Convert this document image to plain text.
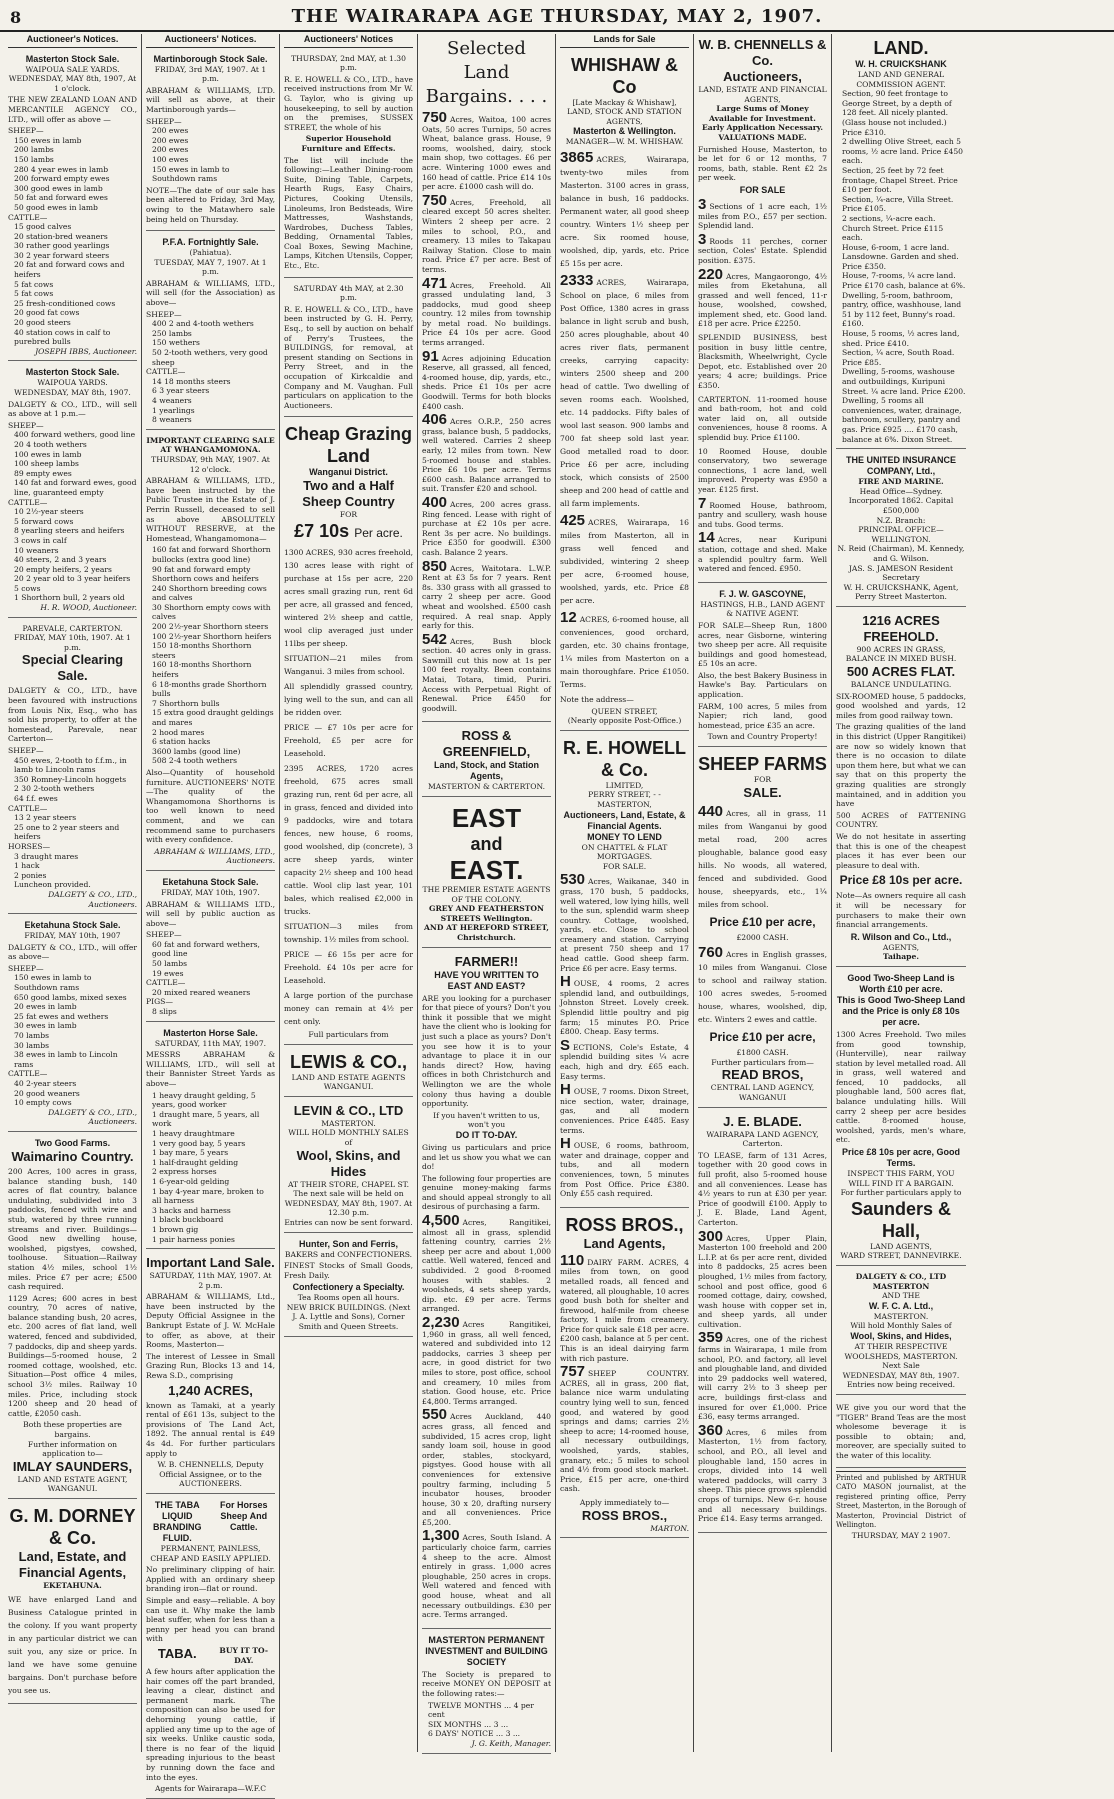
8	THE WAIRARAPA AGE THURSDAY, MAY 2, 1907.
Auctioneer's Notices.
Masterton Stock Sale.
WAIPOUA SALE YARDS.
WEDNESDAY, MAY 8th, 1907, At 1 o'clock.
THE NEW ZEALAND LOAN AND MERCANTILE AGENCY CO., LTD., will offer as above —
SHEEP—
150 ewes in lamb
200 lambs
150 lambs
280 4 year ewes in lamb
200 forward empty ewes
300 good ewes in lamb
50 fat and forward ewes
50 good ewes in lamb
CATTLE—
15 good calves
20 station-bred weaners
30 rather good yearlings
30 2 year forward steers
20 fat and forward cows and heifers
5 fat cows
5 fat cows
25 fresh-conditioned cows
20 good fat cows
20 good steers
40 station cows in calf to purebred bulls
JOSEPH IBBS, Auctioneer.
Masterton Stock Sale.
WAIPOUA YARDS.
WEDNESDAY, MAY 8th, 1907.
DALGETY & CO., LTD., will sell as above at 1 p.m.—
SHEEP—
400 forward wethers, good line
20 4 tooth wethers
100 ewes in lamb
100 sheep lambs
89 empty ewes
140 fat and forward ewes, good line, guaranteed empty
CATTLE—
10 2½-year steers
5 forward cows
8 yearling steers and heifers
3 cows in calf
10 weaners
40 steers, 2 and 3 years
20 empty heifers, 2 years
20 2 year old to 3 year heifers
5 cows
1 Shorthorn bull, 2 years old
H. R. WOOD, Auctioneer.
PAREVALE, CARTERTON.
FRIDAY, MAY 10th, 1907. At 1 p.m.
Special Clearing Sale.
DALGETY & CO., LTD., have been favoured with instructions from Louis Nix, Esq., who has sold his property, to offer at the homestead, Parevale, near Carterton—
SHEEP—
450 ewes, 2-tooth to f.f.m., in lamb to Lincoln rams
350 Romney-Lincoln hoggets
2 30 2-tooth wethers
64 f.f. ewes
CATTLE—
13 2 year steers
25 one to 2 year steers and heifers
HORSES—
3 draught mares
1 hack
2 ponies
Luncheon provided.
DALGETY & CO., LTD., Auctioneers.
Eketahuna Stock Sale.
FRIDAY, MAY 10th, 1907
DALGETY & CO., LTD., will offer as above—
SHEEP—
150 ewes in lamb to Southdown rams
650 good lambs, mixed sexes
20 ewes in lamb
25 fat ewes and wethers
30 ewes in lamb
70 lambs
30 lambs
38 ewes in lamb to Lincoln rams
CATTLE—
40 2-year steers
20 good weaners
10 empty cows
DALGETY & CO., LTD., Auctioneers.
Two Good Farms.
Waimarino Country.
200 Acres, 100 acres in grass, balance standing bush, 140 acres of flat country, balance undulating, subdivided into 3 paddocks, fenced with wire and stub, watered by three running streams and river. Buildings—Good new dwelling house, woolshed, pigstyes, cowshed, toolhouse. Situation—Railway station 4½ miles, school 1½ miles. Price £7 per acre; £500 cash required.
1129 Acres; 600 acres in best country, 70 acres of native, balance standing bush, 20 acres, etc. 200 acres of flat land, well watered, fenced and subdivided, 7 paddocks, dip and sheep yards. Buildings—5-roomed house, 2 roomed cottage, woolshed, etc. Situation—Post office 4 miles, school 3½ miles. Railway 10 miles. Price, including stock 1200 sheep and 20 head of cattle, £2050 cash.
Both these properties are bargains.
Further information on application to—
IMLAY SAUNDERS,
LAND AND ESTATE AGENT,
WANGANUI.
G. M. DORNEY & Co.
Land, Estate, and Financial Agents,
EKETAHUNA.
WE have enlarged Land and Business Catalogue printed in the colony. If you want property in any particular district we can suit you, any size or price. In land we have some genuine bargains. Don't purchase before you see us.
Auctioneers' Notices.
Martinborough Stock Sale.
FRIDAY, 3rd MAY, 1907. At 1 p.m.
ABRAHAM & WILLIAMS, LTD. will sell as above, at their Martinborough yards—
SHEEP—
200 ewes
200 ewes
200 ewes
100 ewes
150 ewes in lamb to Southdown rams
NOTE—The date of our sale has been altered to Friday, 3rd May, owing to the Matawhero sale being held on Thursday.
P.F.A. Fortnightly Sale.
(Pahiatua).
TUESDAY, MAY 7, 1907. At 1 p.m.
ABRAHAM & WILLIAMS, LTD., will sell (for the Association) as above—
SHEEP—
400 2 and 4-tooth wethers
250 lambs
150 wethers
50 2-tooth wethers, very good sheep
CATTLE—
14 18 months steers
6 3 year steers
4 weaners
1 yearlings
8 weaners
IMPORTANT CLEARING SALE AT WHANGAMOMONA.
THURSDAY, 9th MAY, 1907. At 12 o'clock.
ABRAHAM & WILLIAMS, LTD., have been instructed by the Public Trustee in the Estate of J. Perrin Russell, deceased to sell as above ABSOLUTELY WITHOUT RESERVE, at the Homestead, Whangamomona—
160 fat and forward Shorthorn bullocks (extra good line)
90 fat and forward empty Shorthorn cows and heifers
240 Shorthorn breeding cows and calves
30 Shorthorn empty cows with calves
200 2½-year Shorthorn steers
100 2½-year Shorthorn heifers
150 18-months Shorthorn steers
160 18-months Shorthorn heifers
6 18-months grade Shorthorn bulls
7 Shorthorn bulls
15 extra good draught geldings and mares
2 hood mares
6 station hacks
3600 lambs (good line)
508 2-4 tooth wethers
Also—Quantity of household furniture. AUCTIONEERS' NOTE—The quality of the Whangamomona Shorthorns is too well known to need comment, and we can recommend same to purchasers with every confidence.
ABRAHAM & WILLIAMS, LTD., Auctioneers.
Eketahuna Stock Sale.
FRIDAY, MAY 10th, 1907.
ABRAHAM & WILLIAMS LTD., will sell by public auction as above—
SHEEP—
60 fat and forward wethers, good line
50 lambs
19 ewes
CATTLE—
20 mixed reared weaners
PIGS—
8 slips
Masterton Horse Sale.
SATURDAY, 11th MAY, 1907.
MESSRS ABRAHAM & WILLIAMS, LTD., will sell at their Bannister Street Yards as above—
1 heavy draught gelding, 5 years, good worker
1 draught mare, 5 years, all work
1 heavy draughtmare
1 very good bay, 5 years
1 bay mare, 5 years
1 half-draught gelding
2 express horses
1 6-year-old gelding
1 bay 4-year mare, broken to all harness
3 hacks and harness
1 black buckboard
1 brown gig
1 pair harness ponies
Important Land Sale.
SATURDAY, 11th MAY, 1907. At 2 p.m.
ABRAHAM & WILLIAMS, Ltd., have been instructed by the Deputy Official Assignee in the Bankrupt Estate of J. W. McHale to offer, as above, at their Rooms, Masterton—
The interest of Lessee in Small Grazing Run, Blocks 13 and 14, Rewa S.D., comprising
1,240 ACRES,
known as Tamaki, at a yearly rental of £61 13s, subject to the provisions of The Land Act, 1892. The annual rental is £49 4s 4d. For further particulars apply to
W. B. CHENNELLS, Deputy Official Assignee, or to the AUCTIONEERS.
THE TABA LIQUID BRANDING FLUID.
For Horses Sheep And Cattle.
PERMANENT, PAINLESS, CHEAP AND EASILY APPLIED.
No preliminary clipping of hair. Applied with an ordinary sheep branding iron—flat or round.
Simple and easy—reliable. A boy can use it. Why make the lamb bleat suffer, when for less than a penny per head you can brand with
TABA.	BUY IT TO-DAY.
A few hours after application the hair comes off the part branded, leaving a clear, distinct and permanent mark. The composition can also be used for dehorning young cattle, if applied any time up to the age of six weeks. Unlike caustic soda, there is no fear of the liquid spreading injurious to the beast by running down the face and into the eyes.
Agents for Wairarapa—W.F.C
Auctioneers' Notices
THURSDAY, 2nd MAY, at 1.30 p.m.
R. E. HOWELL & CO., LTD., have received instructions from Mr W. G. Taylor, who is giving up housekeeping, to sell by auction on the premises, SUSSEX STREET, the whole of his
Superior Household Furniture and Effects.
The list will include the following:—Leather Dining-room Suite, Dining Table, Carpets, Hearth Rugs, Easy Chairs, Pictures, Cooking Utensils, Linoleums, Iron Bedsteads, Wire Mattresses, Washstands, Wardrobes, Duchess Tables, Bedding, Ornamental Tables, Coal Boxes, Sewing Machine, Lamps, Kitchen Utensils, Copper, Etc., Etc.
SATURDAY 4th MAY, at 2.30 p.m.
R. E. HOWELL & CO., LTD., have been instructed by G. H. Perry, Esq., to sell by auction on behalf of Perry's Trustees, the BUILDINGS, for removal, at present standing on Sections in Perry Street, and in the occupation of Kirkcaldie and Company and M. Vaughan. Full particulars on application to the Auctioneers.
Cheap Grazing Land
Wanganui District.
Two and a Half Sheep Country
FOR
£7 10s Per acre.
1300 ACRES, 930 acres freehold, 130 acres lease with right of purchase at 15s per acre, 220 acres small grazing run, rent 6d per acre, all grassed and fenced, wintered 2½ sheep and cattle, wool clip averaged just under 11lbs per sheep.
SITUATION—21 miles from Wanganui. 3 miles from school.
All splendidly grassed country, lying well to the sun, and can all be ridden over.
PRICE — £7 10s per acre for Freehold, £5 per acre for Leasehold.
2395 ACRES, 1720 acres freehold, 675 acres small grazing run, rent 6d per acre, all in grass, fenced and divided into 9 paddocks, wire and totara fences, new house, 6 rooms, good woolshed, dip (concrete), 3 acre sheep yards, winter capacity 2½ sheep and 100 head cattle. Wool clip last year, 101 bales, which realised £2,000 in trucks.
SITUATION—3 miles from township. 1½ miles from school.
PRICE — £6 15s per acre for Freehold. £4 10s per acre for Leasehold.
A large portion of the purchase money can remain at 4½ per cent only.
Full particulars from
LEWIS & CO.,
LAND AND ESTATE AGENTS
WANGANUI.
LEVIN & CO., LTD
MASTERTON.
WILL HOLD MONTHLY SALES of
Wool, Skins, and Hides
AT THEIR STORE, CHAPEL ST.
The next sale will be held on WEDNESDAY, MAY 8th, 1907. At 12.30 p.m.
Entries can now be sent forward.
Hunter, Son and Ferris,
BAKERS and CONFECTIONERS.
FINEST Stocks of Small Goods, Fresh Daily.
Confectionery a Specialty.
Tea Rooms open all hours.
NEW BRICK BUILDINGS. (Next J. A. Lyttle and Sons), Corner Smith and Queen Streets.
Selected Land
Bargains. . . .
750 Acres, Waitoa, 100 acres Oats, 50 acres Turnips, 50 acres Wheat, balance grass. House, 9 rooms, woolshed, dairy, stock main shop, two cottages. £6 per acre. Wintering 1000 ewes and 160 head of cattle. Price £14 10s per acre. £1000 cash will do.
750 Acres, Freehold, all cleared except 50 acres shelter. Winters 2 sheep per acre. 2 miles to school, P.O., and creamery. 13 miles to Takapau Railway Station. Close to main road. Price £7 per acre. Best of terms.
471 Acres, Freehold. All grassed undulating land, 3 paddocks, mud good sheep country. 12 miles from township by metal road. No buildings. Price £4 10s per acre. Good terms arranged.
91 Acres adjoining Education Reserve, all grassed, all fenced, 4-roomed house, dip, yards, etc., sheds. Price £1 10s per acre Goodwill. Terms for both blocks £400 cash.
406 Acres O.R.P., 250 acres grass, balance bush, 5 paddocks, well watered. Carries 2 sheep early, 12 miles from town. New 5-roomed house and stables. Price £6 10s per acre. Terms £600 cash. Balance arranged to suit. Transfer £20 and school.
400 Acres, 200 acres grass. Ring fenced. Lease with right of purchase at £2 10s per acre. Rent 3s per acre. No buildings. Price £350 for goodwill. £300 cash. Balance 2 years.
850 Acres, Waitotara. L.W.P. Rent at £3 5s for 7 years. Rent 8s. 330 grass with all grassed to carry 2 sheep per acre. Good wheat and woolshed. £500 cash required. A real snap. Apply early for this.
542 Acres, Bush block section. 40 acres only in grass. Sawmill cut this now at 1s per 100 feet royalty. Been contains Matai, Totara, timid, Puriri. Access with Perpetual Right of Renewal. Price £450 for goodwill.
ROSS & GREENFIELD,
Land, Stock, and Station Agents,
MASTERTON & CARTERTON.
EAST
and
EAST.
THE PREMIER ESTATE AGENTS OF THE COLONY.
GREY AND FEATHERSTON STREETS Wellington.
AND AT HEREFORD STREET, Christchurch.
FARMER!!
HAVE YOU WRITTEN TO EAST AND EAST?
ARE you looking for a purchaser for that piece of yours? Don't you think it possible that we might have the client who is looking for just such a place as yours? Don't you see how it is to your advantage to place it in our hands direct? How, having offices in both Christchurch and Wellington we are the whole colony thus having a double opportunity.
If you haven't written to us, won't you
DO IT TO-DAY.
Giving us particulars and price and let us show you what we can do!
The following four properties are genuine money-making farms and should appeal strongly to all desirous of purchasing a farm.
4,500 Acres, Rangitikei, almost all in grass, splendid fattening country, carries 2½ sheep per acre and about 1,000 cattle. Well watered, fenced and subdivided. 2 good 8-roomed houses with stables. 2 woolsheds, 4 sets sheep yards, dip. etc. £9 per acre. Terms arranged.
2,230 Acres Rangitikei, 1,960 in grass, all well fenced, watered and subdivided into 12 paddocks, carries 3 sheep per acre, in good district for two miles to store, post office, school and creamery, 10 miles from station. Good house, etc. Price £4,800. Terms arranged.
550 Acres Auckland, 440 acres grass, all fenced and subdivided, 15 acres crop, light sandy loam soil, house in good order, stables, stockyard, pigstyes. Good house with all conveniences for extensive poultry farming, including 5 incubator houses, brooder house, 30 x 20, drafting nursery and all conveniences. Price £5,200.
1,300 Acres, South Island. A particularly choice farm, carries 4 sheep to the acre. Almost entirely in grass. 1,000 acres ploughable, 250 acres in crops. Well watered and fenced with good house, wheat and all necessary outbuildings. £30 per acre. Terms arranged.
MASTERTON PERMANENT INVESTMENT and BUILDING SOCIETY
The Society is prepared to receive MONEY ON DEPOSIT at the following rates:—
TWELVE MONTHS ... 4 per cent
SIX MONTHS ... 3 ...
6 DAYS' NOTICE ... 3 ...
J. G. Keith, Manager.
Lands for Sale
WHISHAW & Co
[Late Mackay & Whishaw],
LAND, STOCK AND STATION AGENTS,
Masterton & Wellington.
MANAGER—W. M. WHISHAW.
3865 ACRES, Wairarapa, twenty-two miles from Masterton. 3100 acres in grass, balance in bush, 16 paddocks. Permanent water, all good sheep country. Winters 1½ sheep per acre. Six roomed house, woolshed, dip, yards, etc. Price £5 15s per acre.
2333 ACRES, Wairarapa, School on place, 6 miles from Post Office, 1380 acres in grass balance in light scrub and bush, 250 acres ploughable, about 40 acres river flats, permanent creeks, carrying capacity: winters 2500 sheep and 200 head of cattle. Two dwelling of seven rooms each. Woolshed, etc. 14 paddocks. Fifty bales of wool last season. 900 lambs and 700 fat sheep sold last year. Good metalled road to door. Price £6 per acre, including stock, which consists of 2500 sheep and 200 head of cattle and all farm implements.
425 ACRES, Wairarapa, 16 miles from Masterton, all in grass well fenced and subdivided, wintering 2 sheep per acre, 6-roomed house, woolshed, yards, etc. Price £8 per acre.
12 ACRES, 6-roomed house, all conveniences, good orchard, garden, etc. 30 chains frontage, 1¼ miles from Masterton on a main thoroughfare. Price £1050. Terms.
Note the address—
QUEEN STREET,
(Nearly opposite Post-Office.)
R. E. HOWELL & Co.
LIMITED,
PERRY STREET, - - MASTERTON,
Auctioneers, Land, Estate, & Financial Agents.
MONEY TO LEND
ON CHATTEL & FLAT MORTGAGES.
FOR SALE.
530 Acres, Waikanae, 340 in grass, 170 bush, 5 paddocks, well watered, low lying hills, well to the sun, splendid warm sheep country. Cottage, woolshed, yards, etc. Close to school creamery and station. Carrying at present 750 sheep and 17 head cattle. Good sheep farm. Price £6 per acre. Easy terms.
HOUSE, 4 rooms, 2 acres splendid land, and outbuildings, Johnston Street. Lovely creek. Splendid little poultry and pig farm; 15 minutes P.O. Price £800. Cheap. Easy terms.
SECTIONS, Cole's Estate, 4 splendid building sites ¼ acre each, high and dry. £65 each. Easy terms.
HOUSE, 7 rooms. Dixon Street, nice section, water, drainage, gas, and all modern conveniences. Price £485. Easy terms.
HOUSE, 6 rooms, bathroom, water and drainage, copper and tubs, and all modern conveniences, town, 5 minutes from Post Office. Price £380. Only £55 cash required.
ROSS BROS.,
Land Agents,
110 DAIRY FARM. ACRES, 4 miles from town, on good metalled roads, all fenced and watered, all ploughable, 10 acres good bush both for shelter and firewood, half-mile from cheese factory, 1 mile from creamery. Price for quick sale £18 per acre. £200 cash, balance at 5 per cent. This is an ideal dairying farm with rich pasture.
757 SHEEP COUNTRY. ACRES, all in grass, 200 flat, balance nice warm undulating country lying well to sun, fenced good, and watered by good springs and dams; carries 2½ sheep to acre; 14-roomed house, all necessary outbuildings, woolshed, yards, stables, granary, etc.; 5 miles to school and 4½ from good stock market. Price, £15 per acre, one-third cash.
Apply immediately to—
ROSS BROS.,
MARTON.
W. B. CHENNELLS & Co.
Auctioneers,
LAND, ESTATE AND FINANCIAL AGENTS,
Large Sums of Money Available for Investment. Early Application Necessary. VALUATIONS MADE.
Furnished House, Masterton, to be let for 6 or 12 months, 7 rooms, bath, stable. Rent £2 2s per week.
FOR SALE
3 Sections of 1 acre each, 1½ miles from P.O., £57 per section. Splendid land.
3 Roods 11 perches, corner section, Coles' Estate. Splendid position. £375.
220 Acres, Mangaorongo, 4½ miles from Eketahuna, all grassed and well fenced, 11-r house, woolshed, cowshed, implement shed, etc. Good land. £18 per acre. Price £2250.
SPLENDID BUSINESS, best position in busy little centre, Blacksmith, Wheelwright, Cycle Depot, etc. Established over 20 years; 4 acre; buildings. Price £350.
CARTERTON. 11-roomed house and bath-room, hot and cold water laid on, all outside conveniences, house 8 rooms. A splendid buy. Price £1100.
10 Roomed House, double conservatory, two sewerage connections, 1 acre land, well improved. Property was £950 a year. £125 first.
7 Roomed House, bathroom, pantry and scullery, wash house and tubs. Good terms.
14 Acres, near Kuripuni station, cottage and shed. Make a splendid poultry farm. Well watered and fenced. £950.
F. J. W. GASCOYNE,
HASTINGS, H.B., LAND AGENT & NATIVE AGENT.
FOR SALE—Sheep Run, 1800 acres, near Gisborne, wintering two sheep per acre. All requisite buildings and good homestead, £5 10s an acre.
Also, the best Bakery Business in Hawke's Bay. Particulars on application.
FARM, 100 acres, 5 miles from Napier; rich land, good homestead, price £35 an acre.
Town and Country Property!
SHEEP FARMS
FOR
SALE.
440 Acres, all in grass, 11 miles from Wanganui by good metal road, 200 acres ploughable, balance good easy hills. No woods, all watered, fenced and subdivided. Good house, sheepyards, etc., 1¼ miles from school.
Price £10 per acre,
£2000 CASH.
760 Acres in English grasses, 10 miles from Wanganui. Close to school and railway station. 100 acres swedes, 5-roomed house, whares, woolshed, dip, etc. Winters 2 ewes and cattle.
Price £10 per acre,
£1800 CASH.
Further particulars from—
READ BROS,
CENTRAL LAND AGENCY,
WANGANUI
J. E. BLADE.
WAIRARAPA LAND AGENCY, Carterton.
TO LEASE, farm of 131 Acres, together with 20 good cows in full profit, also 5-roomed house and all conveniences. Lease has 4½ years to run at £30 per year. Price of goodwill £100. Apply to J. E. Blade, Land Agent, Carterton.
300 Acres, Upper Plain, Masterton 100 freehold and 200 L.I.P. at 6s per acre rent, divided into 8 paddocks, 25 acres been ploughed, 1½ miles from factory, school and post office, good 6 roomed cottage, dairy, cowshed, wash house with copper set in, and sheep yards, all under cultivation.
359 Acres, one of the richest farms in Wairarapa, 1 mile from school, P.O. and factory, all level and ploughable land, and divided into 29 paddocks well watered, will carry 2½ to 3 sheep per acre, buildings first-class and insured for over £1,000. Price £36, easy terms arranged.
360 Acres, 6 miles from Masterton, 1½ from factory, school, and P.O., all level and ploughable land, 150 acres in crops, divided into 14 well watered paddocks, will carry 3 sheep. This piece grows splendid crops of turnips. New 6-r. house and all necessary buildings. Price £14. Easy terms arranged.
LAND.
W. H. CRUICKSHANK
LAND AND GENERAL COMMISSION AGENT.
Section, 90 feet frontage to George Street, by a depth of 128 feet. All nicely planted. (Glass house not included.) Price £310.
2 dwelling Olive Street, each 5 rooms, ½ acre land. Price £450 each.
Section, 25 feet by 72 feet frontage, Chapel Street. Price £10 per foot.
Section, ¼-acre, Villa Street. Price £105.
2 sections, ¼-acre each. Church Street. Price £115 each.
House, 6-room, 1 acre land. Lansdowne. Garden and shed. Price £350.
House, 7-rooms, ¼ acre land. Price £170 cash, balance at 6%.
Dwelling, 5-room, bathroom, pantry, office, washhouse, land 51 by 112 feet, Bunny's road. £160.
House, 5 rooms, ½ acres land, shed. Price £410.
Section, ¼ acre, South Road. Price £85.
Dwelling, 5-rooms, washouse and outbuildings, Kuripuni Street. ¼ acre land. Price £200.
Dwelling, 5 rooms all conveniences, water, drainage, bathroom, scullery, pantry and gas. Price £925 .... £170 cash, balance at 6%. Dixon Street.
THE UNITED INSURANCE COMPANY, Ltd.,
FIRE AND MARINE.
Head Office—Sydney.
Incorporated 1862. Capital £500,000
N.Z. Branch:
PRINCIPAL OFFICE—WELLINGTON.
N. Reid (Chairman), M. Kennedy, and G. Wilson.
JAS. S. JAMESON Resident Secretary
W. H. CRUICKSHANK, Agent, Perry Street Masterton.
1216 ACRES FREEHOLD.
900 ACRES IN GRASS, BALANCE IN MIXED BUSH.
500 ACRES FLAT.
BALANCE UNDULATING.
SIX-ROOMED house, 5 paddocks, good woolshed and yards, 12 miles from good railway town.
The grazing qualities of the land in this district (Upper Rangitikei) are now so widely known that there is no occasion to dilate upon them here, but what we can say that on this property the grazing qualities are strongly maintained, and in addition you have
500 ACRES of FATTENING COUNTRY.
We do not hesitate in asserting that this is one of the cheapest places it has ever been our pleasure to deal with.
Price £8 10s per acre.
Note—As owners require all cash it will be necessary for purchasers to make their own financial arrangements.
R. Wilson and Co., Ltd.,
AGENTS,
Taihape.
Good Two-Sheep Land is Worth £10 per acre.
This is Good Two-Sheep Land and the Price is only £8 10s per acre.
1300 Acres Freehold. Two miles from good township, (Hunterville), near railway station by level metalled road. All in grass, well watered and fenced, 10 paddocks, all ploughable land, 500 acres flat, balance undulating hills. Will carry 2 sheep per acre besides cattle. 8-roomed house, woolshed, yards, men's whare, etc.
Price £8 10s per acre, Good Terms.
INSPECT THIS FARM, YOU WILL FIND IT A BARGAIN.
For further particulars apply to
Saunders & Hall,
LAND AGENTS,
WARD STREET, DANNEVIRKE.
DALGETY & CO., LTD MASTERTON
AND THE
W. F. C. A. Ltd.,
MASTERTON.
Will hold Monthly Sales of
Wool, Skins, and Hides,
AT THEIR RESPECTIVE WOOLSHEDS, MASTERTON.
Next Sale
WEDNESDAY, MAY 8th, 1907.
Entries now being received.
WE give you our word that the "TIGER" Brand Teas are the most wholesome beverage it is possible to obtain; and, moreover, are specially suited to the water of this locality.
Printed and published by ARTHUR CATO MASON journalist, at the registered printing office, Perry Street, Masterton, in the Borough of Masterton, Provincial District of Wellington.
THURSDAY, MAY 2 1907.
